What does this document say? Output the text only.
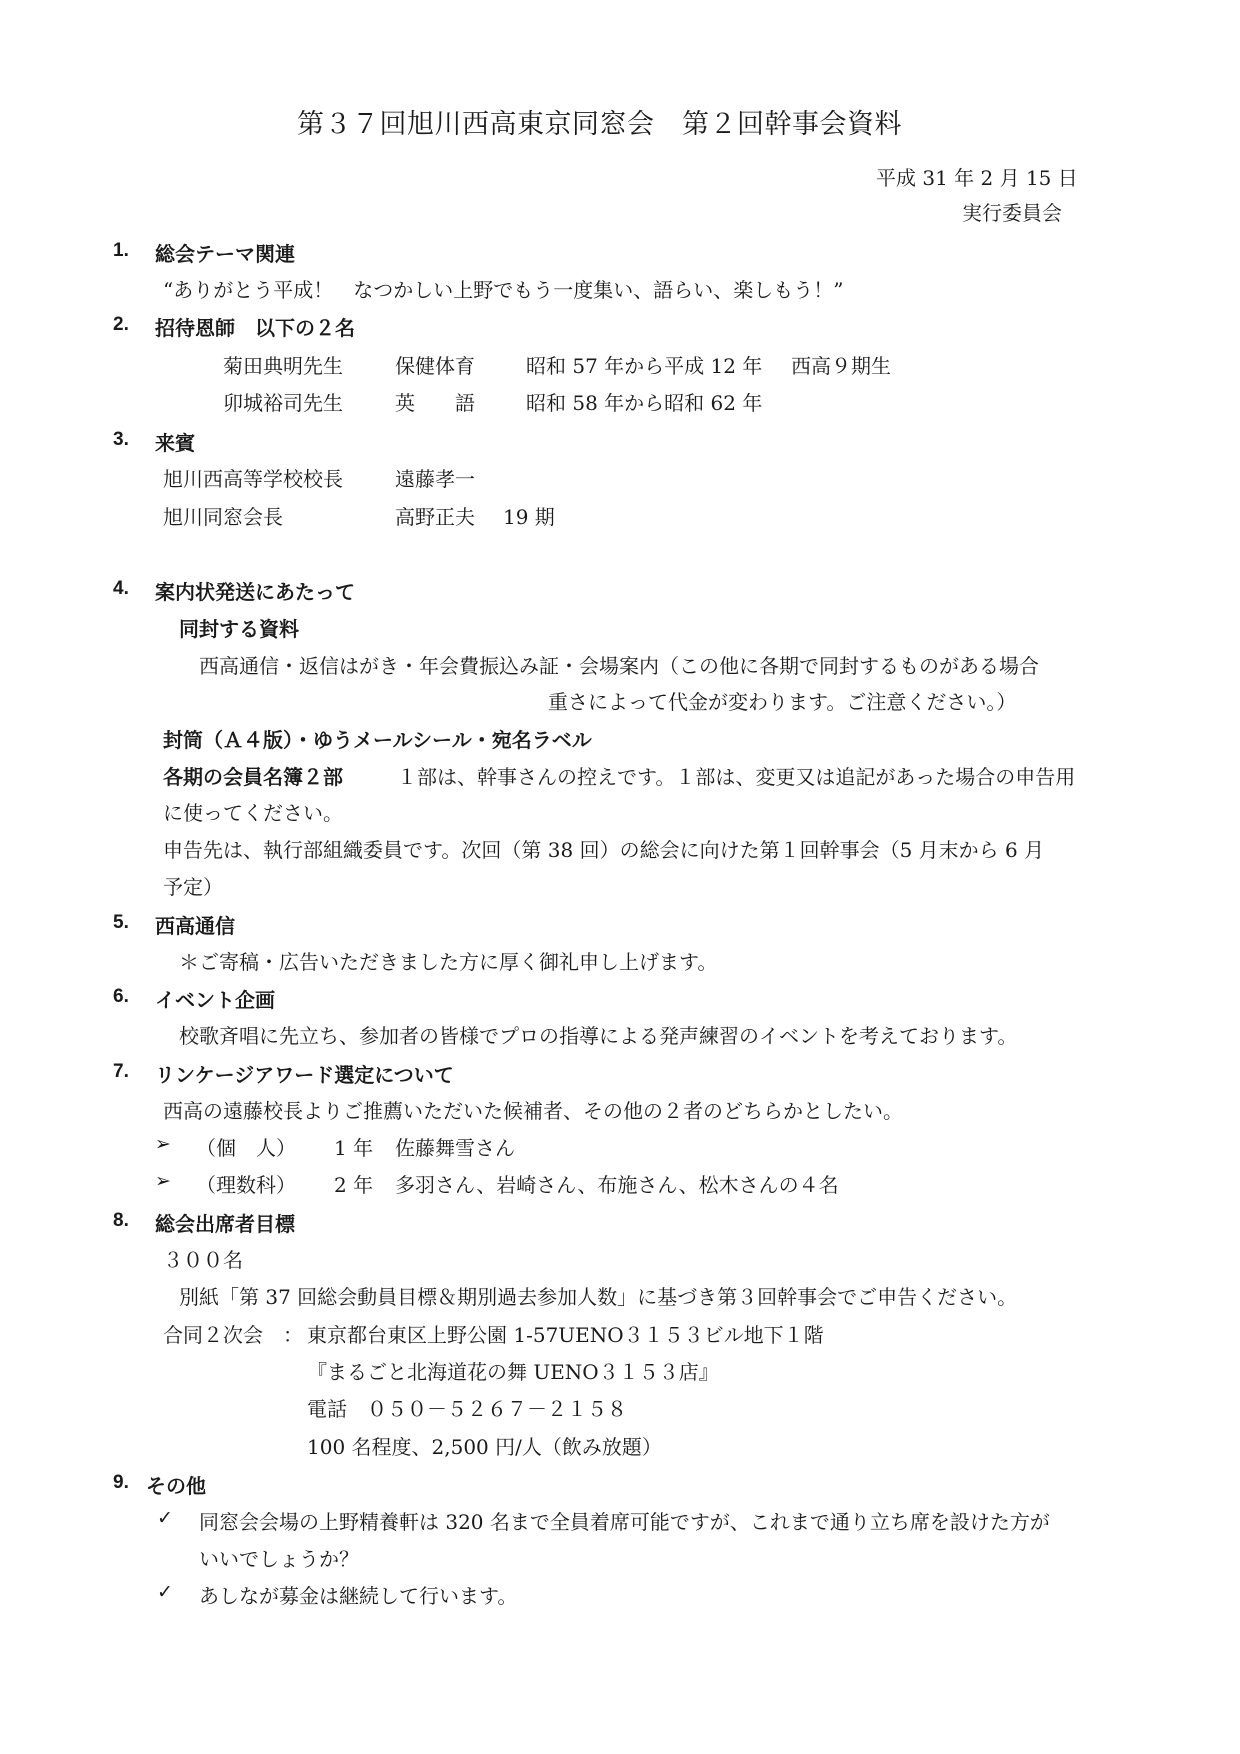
第３７回旭川西高東京同窓会　第２回幹事会資料
平成 31 年 2 月 15 日
実行委員会
1. 総会テーマ関連
“ありがとう平成！　なつかしい上野でもう一度集い、語らい、楽しもう！”
2. 招待恩師　以下の２名
菊田典明先生	保健体育	昭和 57 年から平成 12 年 西高９期生
卯城裕司先生	英　　語	昭和 58 年から昭和 62 年
3. 来賓
旭川西高等学校校長	遠藤孝一
旭川同窓会長	高野正夫 19 期
4. 案内状発送にあたって
同封する資料
西高通信・返信はがき・年会費振込み証・会場案内（この他に各期で同封するものがある場合
重さによって代金が変わります。ご注意ください。）
封筒（Ａ４版）・ゆうメールシール・宛名ラベル
各期の会員名簿２部	１部は、幹事さんの控えです。１部は、変更又は追記があった場合の申告用
に使ってください。
申告先は、執行部組織委員です。次回（第 38 回）の総会に向けた第１回幹事会（5 月末から 6 月
予定）
5. 西高通信
＊ご寄稿・広告いただきました方に厚く御礼申し上げます。
6. イベント企画
校歌斉唱に先立ち、参加者の皆様でプロの指導による発声練習のイベントを考えております。
7. リンケージアワード選定について
西高の遠藤校長よりご推薦いただいた候補者、その他の２者のどちらかとしたい。
➢ （個　人） 1 年 佐藤舞雪さん
➢ （理数科） 2 年 多羽さん、岩崎さん、布施さん、松木さんの４名
8. 総会出席者目標
３００名
別紙「第 37 回総会動員目標＆期別過去参加人数」に基づき第３回幹事会でご申告ください。
合同２次会　： 東京都台東区上野公園 1-57UENO３１５３ビル地下１階
『まるごと北海道花の舞 UENO３１５３店』
電話　０５０－５２６７－２１５８
100 名程度、2,500 円/人（飲み放題）
9. その他
✓ 同窓会会場の上野精養軒は 320 名まで全員着席可能ですが、これまで通り立ち席を設けた方が
いいでしょうか？
✓ あしなが募金は継続して行います。
